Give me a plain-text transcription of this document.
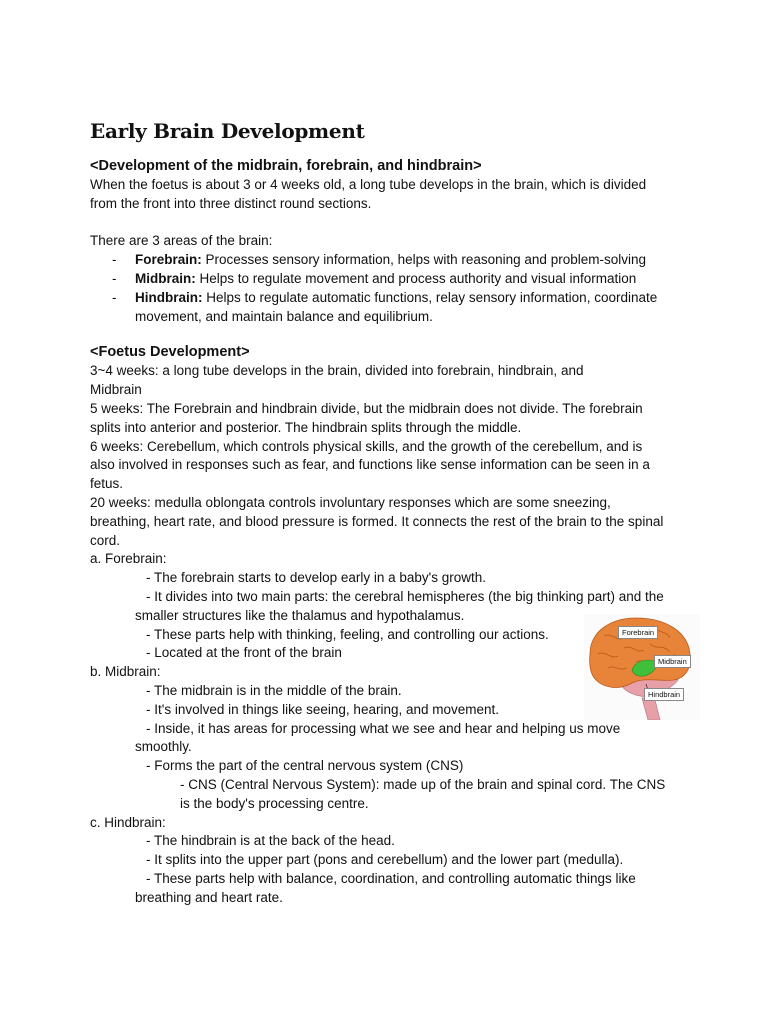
Early Brain Development
<Development of the midbrain, forebrain, and hindbrain>
When the foetus is about 3 or 4 weeks old, a long tube develops in the brain, which is divided
from the front into three distinct round sections.
There are 3 areas of the brain:
- Forebrain: Processes sensory information, helps with reasoning and problem-solving
- Midbrain: Helps to regulate movement and process authority and visual information
- Hindbrain: Helps to regulate automatic functions, relay sensory information, coordinate
movement, and maintain balance and equilibrium.
<Foetus Development>
3~4 weeks: a long tube develops in the brain, divided into forebrain, hindbrain, and
Midbrain
5 weeks: The Forebrain and hindbrain divide, but the midbrain does not divide. The forebrain
splits into anterior and posterior. The hindbrain splits through the middle.
6 weeks: Cerebellum, which controls physical skills, and the growth of the cerebellum, and is
also involved in responses such as fear, and functions like sense information can be seen in a
fetus.
20 weeks: medulla oblongata controls involuntary responses which are some sneezing,
breathing, heart rate, and blood pressure is formed. It connects the rest of the brain to the spinal
cord.
a. Forebrain:
- The forebrain starts to develop early in a baby's growth.
- It divides into two main parts: the cerebral hemispheres (the big thinking part) and the
smaller structures like the thalamus and hypothalamus.
- These parts help with thinking, feeling, and controlling our actions.
- Located at the front of the brain
b. Midbrain:
- The midbrain is in the middle of the brain.
- It's involved in things like seeing, hearing, and movement.
- Inside, it has areas for processing what we see and hear and helping us move
smoothly.
- Forms the part of the central nervous system (CNS)
- CNS (Central Nervous System): made up of the brain and spinal cord. The CNS
is the body's processing centre.
c. Hindbrain:
- The hindbrain is at the back of the head.
- It splits into the upper part (pons and cerebellum) and the lower part (medulla).
- These parts help with balance, coordination, and controlling automatic things like
breathing and heart rate.
Forebrain
Midbrain
Hindbrain
